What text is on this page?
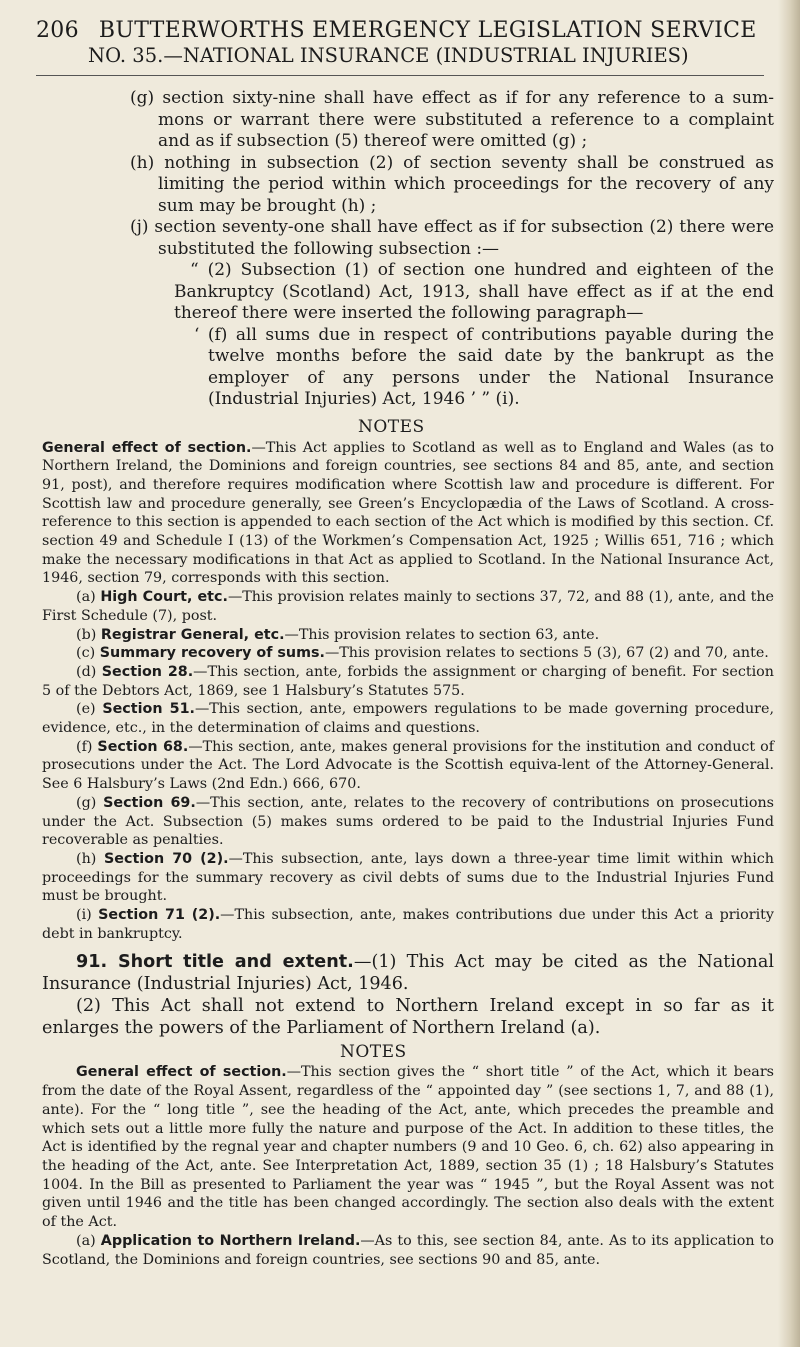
206 BUTTERWORTHS EMERGENCY LEGISLATION SERVICE
NO. 35.—NATIONAL INSURANCE (INDUSTRIAL INJURIES)

(g) section sixty-nine shall have effect as if for any reference to a sum-mons or warrant there were substituted a reference to a complaint and as if subsection (5) thereof were omitted (g) ;

(h) nothing in subsection (2) of section seventy shall be construed as limiting the period within which proceedings for the recovery of any sum may be brought (h) ;

(j) section seventy-one shall have effect as if for subsection (2) there were substituted the following subsection :—

“ (2) Subsection (1) of section one hundred and eighteen of the Bankruptcy (Scotland) Act, 1913, shall have effect as if at the end thereof there were inserted the following paragraph—

‘ (f) all sums due in respect of contributions payable during the twelve months before the said date by the bankrupt as the employer of any persons under the National Insurance (Industrial Injuries) Act, 1946 ’ ” (i).

NOTES

General effect of section.—This Act applies to Scotland as well as to England and Wales (as to Northern Ireland, the Dominions and foreign countries, see sections 84 and 85, ante, and section 91, post), and therefore requires modification where Scottish law and procedure is different. For Scottish law and procedure generally, see Green’s Encyclopædia of the Laws of Scotland. A cross-reference to this section is appended to each section of the Act which is modified by this section. Cf. section 49 and Schedule I (13) of the Workmen’s Compensation Act, 1925 ; Willis 651, 716 ; which make the necessary modifications in that Act as applied to Scotland. In the National Insurance Act, 1946, section 79, corresponds with this section.

(a) High Court, etc.—This provision relates mainly to sections 37, 72, and 88 (1), ante, and the First Schedule (7), post.

(b) Registrar General, etc.—This provision relates to section 63, ante.

(c) Summary recovery of sums.—This provision relates to sections 5 (3), 67 (2) and 70, ante.

(d) Section 28.—This section, ante, forbids the assignment or charging of benefit. For section 5 of the Debtors Act, 1869, see 1 Halsbury’s Statutes 575.

(e) Section 51.—This section, ante, empowers regulations to be made governing procedure, evidence, etc., in the determination of claims and questions.

(f) Section 68.—This section, ante, makes general provisions for the institution and conduct of prosecutions under the Act. The Lord Advocate is the Scottish equiva-lent of the Attorney-General. See 6 Halsbury’s Laws (2nd Edn.) 666, 670.

(g) Section 69.—This section, ante, relates to the recovery of contributions on prosecutions under the Act. Subsection (5) makes sums ordered to be paid to the Industrial Injuries Fund recoverable as penalties.

(h) Section 70 (2).—This subsection, ante, lays down a three-year time limit within which proceedings for the summary recovery as civil debts of sums due to the Industrial Injuries Fund must be brought.

(i) Section 71 (2).—This subsection, ante, makes contributions due under this Act a priority debt in bankruptcy.

91. Short title and extent.—(1) This Act may be cited as the National Insurance (Industrial Injuries) Act, 1946.

(2) This Act shall not extend to Northern Ireland except in so far as it enlarges the powers of the Parliament of Northern Ireland (a).

NOTES

General effect of section.—This section gives the “ short title ” of the Act, which it bears from the date of the Royal Assent, regardless of the “ appointed day ” (see sections 1, 7, and 88 (1), ante). For the “ long title ”, see the heading of the Act, ante, which precedes the preamble and which sets out a little more fully the nature and purpose of the Act. In addition to these titles, the Act is identified by the regnal year and chapter numbers (9 and 10 Geo. 6, ch. 62) also appearing in the heading of the Act, ante. See Interpretation Act, 1889, section 35 (1) ; 18 Halsbury’s Statutes 1004. In the Bill as presented to Parliament the year was “ 1945 ”, but the Royal Assent was not given until 1946 and the title has been changed accordingly. The section also deals with the extent of the Act.

(a) Application to Northern Ireland.—As to this, see section 84, ante. As to its application to Scotland, the Dominions and foreign countries, see sections 90 and 85, ante.
